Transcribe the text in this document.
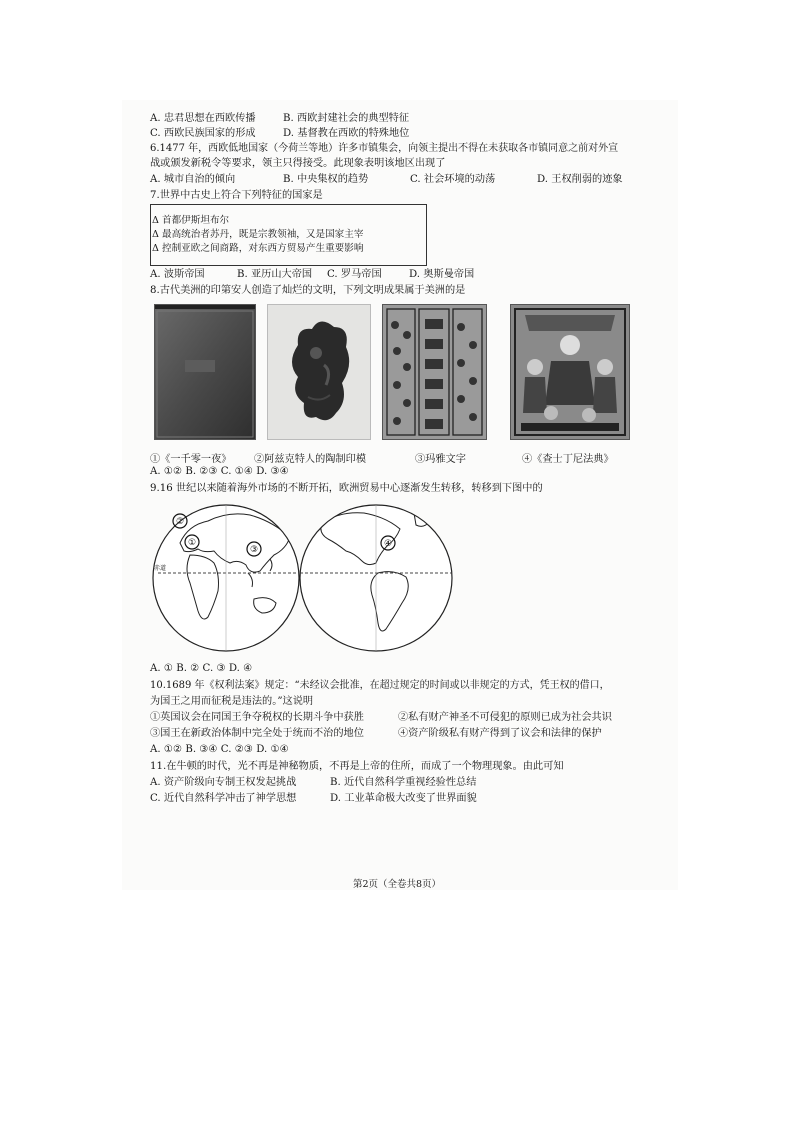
A. 忠君思想在西欧传播	B. 西欧封建社会的典型特征
C. 西欧民族国家的形成	D. 基督教在西欧的特殊地位
6.1477 年，西欧低地国家（今荷兰等地）许多市镇集会，向领主提出不得在未获取各市镇同意之前对外宣
战或颁发新税令等要求，领主只得接受。此现象表明该地区出现了
A. 城市自治的倾向	B. 中央集权的趋势	C. 社会环境的动荡	D. 王权削弱的迹象
7.世界中古史上符合下列特征的国家是
Δ 首都伊斯坦布尔
Δ 最高统治者苏丹，既是宗教领袖，又是国家主宰
Δ 控制亚欧之间商路，对东西方贸易产生重要影响
A. 波斯帝国	B. 亚历山大帝国 C. 罗马帝国	D. 奥斯曼帝国
8.古代美洲的印第安人创造了灿烂的文明，下列文明成果属于美洲的是
①《一千零一夜》 ②阿兹克特人的陶制印模	③玛雅文字	④《查士丁尼法典》
A. ①② B. ②③ C. ①④ D. ③④
9.16 世纪以来随着海外市场的不断开拓，欧洲贸易中心逐渐发生转移，转移到下图中的
①
②
③
④
赤道
A. ① B. ② C. ③ D. ④
10.1689 年《权利法案》规定：“未经议会批准，在超过规定的时间或以非规定的方式，凭王权的借口，
为国王之用而征税是违法的。”这说明
①英国议会在同国王争夺税权的长期斗争中获胜	②私有财产神圣不可侵犯的原则已成为社会共识
③国王在新政治体制中完全处于统而不治的地位	④资产阶级私有财产得到了议会和法律的保护
A. ①② B. ③④ C. ②③ D. ①④
11.在牛顿的时代，光不再是神秘物质，不再是上帝的住所，而成了一个物理现象。由此可知
A. 资产阶级向专制王权发起挑战	B. 近代自然科学重视经验性总结
C. 近代自然科学冲击了神学思想	D. 工业革命极大改变了世界面貌
第2页（全卷共8页）
